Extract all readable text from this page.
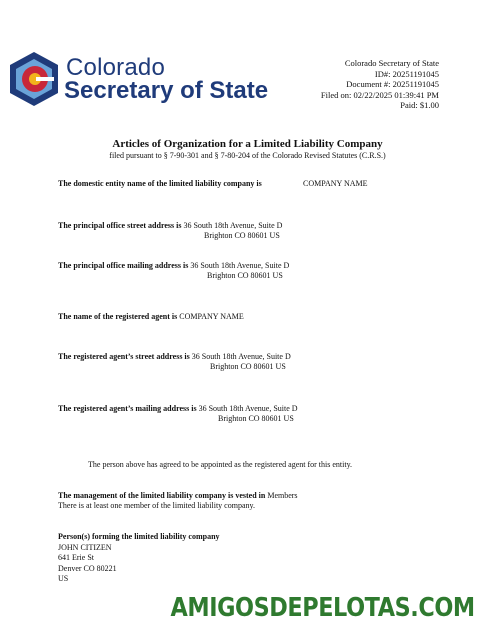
Colorado
Secretary of State
Colorado Secretary of State
ID#: 20251191045
Document #: 20251191045
Filed on: 02/22/2025 01:39:41 PM
Paid: $1.00
Articles of Organization for a Limited Liability Company
filed pursuant to § 7-90-301 and § 7-80-204 of the Colorado Revised Statutes (C.R.S.)
The domestic entity name of the limited liability company is	COMPANY NAME
The principal office street address is 36 South 18th Avenue, Suite D
Brighton CO 80601 US
The principal office mailing address is 36 South 18th Avenue, Suite D
Brighton CO 80601 US
The name of the registered agent is COMPANY NAME
The registered agent’s street address is 36 South 18th Avenue, Suite D
Brighton CO 80601 US
The registered agent’s mailing address is 36 South 18th Avenue, Suite D
Brighton CO 80601 US
The person above has agreed to be appointed as the registered agent for this entity.
The management of the limited liability company is vested in Members
There is at least one member of the limited liability company.
Person(s) forming the limited liability company
JOHN CITIZEN
641 Erie St
Denver CO 80221
US
AMIGOSDEPELOTAS.COM
